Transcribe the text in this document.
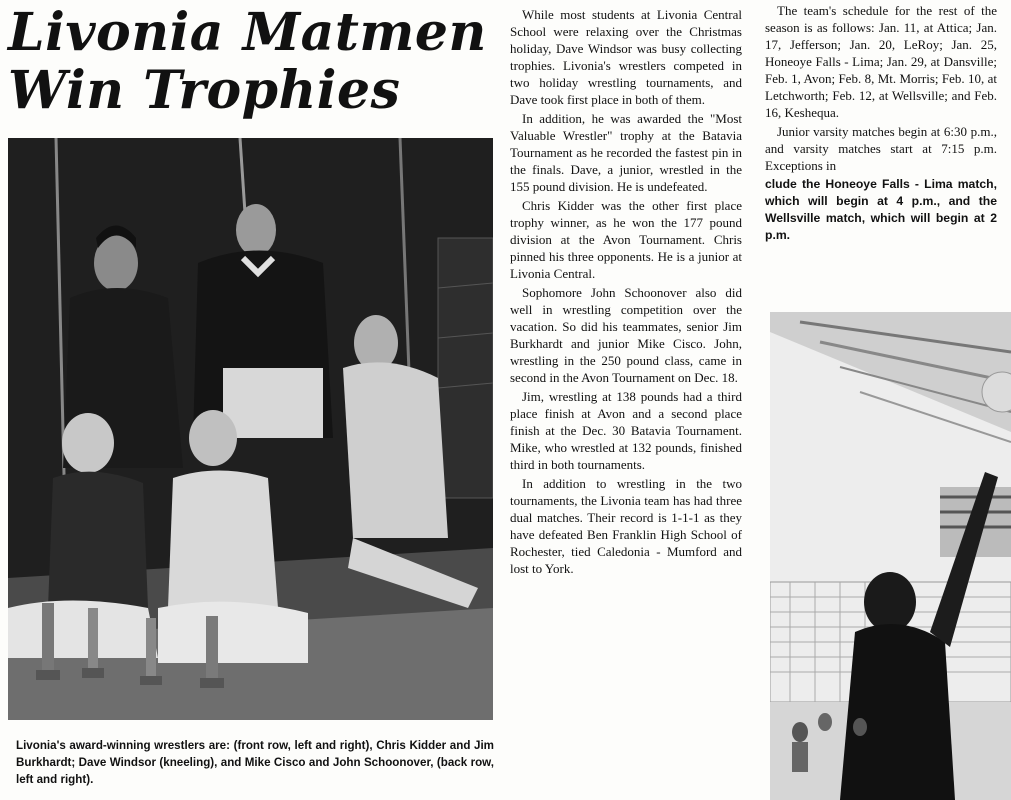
Livonia Matmen
Win Trophies

Livonia's award-winning wrestlers are: (front row, left and right), Chris Kidder and Jim Burkhardt; Dave Windsor (kneeling), and Mike Cisco and John Schoonover, (back row, left and right).

While most students at Livonia Central School were relaxing over the Christmas holiday, Dave Windsor was busy collecting trophies. Livonia's wrestlers competed in two holiday wrestling tournaments, and Dave took first place in both of them.

In addition, he was awarded the "Most Valuable Wrestler" trophy at the Batavia Tournament as he recorded the fastest pin in the finals. Dave, a junior, wrestled in the 155 pound division. He is undefeated.

Chris Kidder was the other first place trophy winner, as he won the 177 pound division at the Avon Tournament. Chris pinned his three opponents. He is a junior at Livonia Central.

Sophomore John Schoonover also did well in wrestling competition over the vacation. So did his teammates, senior Jim Burkhardt and junior Mike Cisco. John, wrestling in the 250 pound class, came in second in the Avon Tournament on Dec. 18.

Jim, wrestling at 138 pounds had a third place finish at Avon and a second place finish at the Dec. 30 Batavia Tournament. Mike, who wrestled at 132 pounds, finished third in both tournaments.

In addition to wrestling in the two tournaments, the Livonia team has had three dual matches. Their record is 1-1-1 as they have defeated Ben Franklin High School of Rochester, tied Caledonia - Mumford and lost to York.

The team's schedule for the rest of the season is as follows: Jan. 11, at Attica; Jan. 17, Jefferson; Jan. 20, LeRoy; Jan. 25, Honeoye Falls - Lima; Jan. 29, at Dansville; Feb. 1, Avon; Feb. 8, Mt. Morris; Feb. 10, at Letchworth; Feb. 12, at Wellsville; and Feb. 16, Keshequa.

Junior varsity matches begin at 6:30 p.m., and varsity matches start at 7:15 p.m. Exceptions in

clude the Honeoye Falls - Lima match, which will begin at 4 p.m., and the Wellsville match, which will begin at 2 p.m.
